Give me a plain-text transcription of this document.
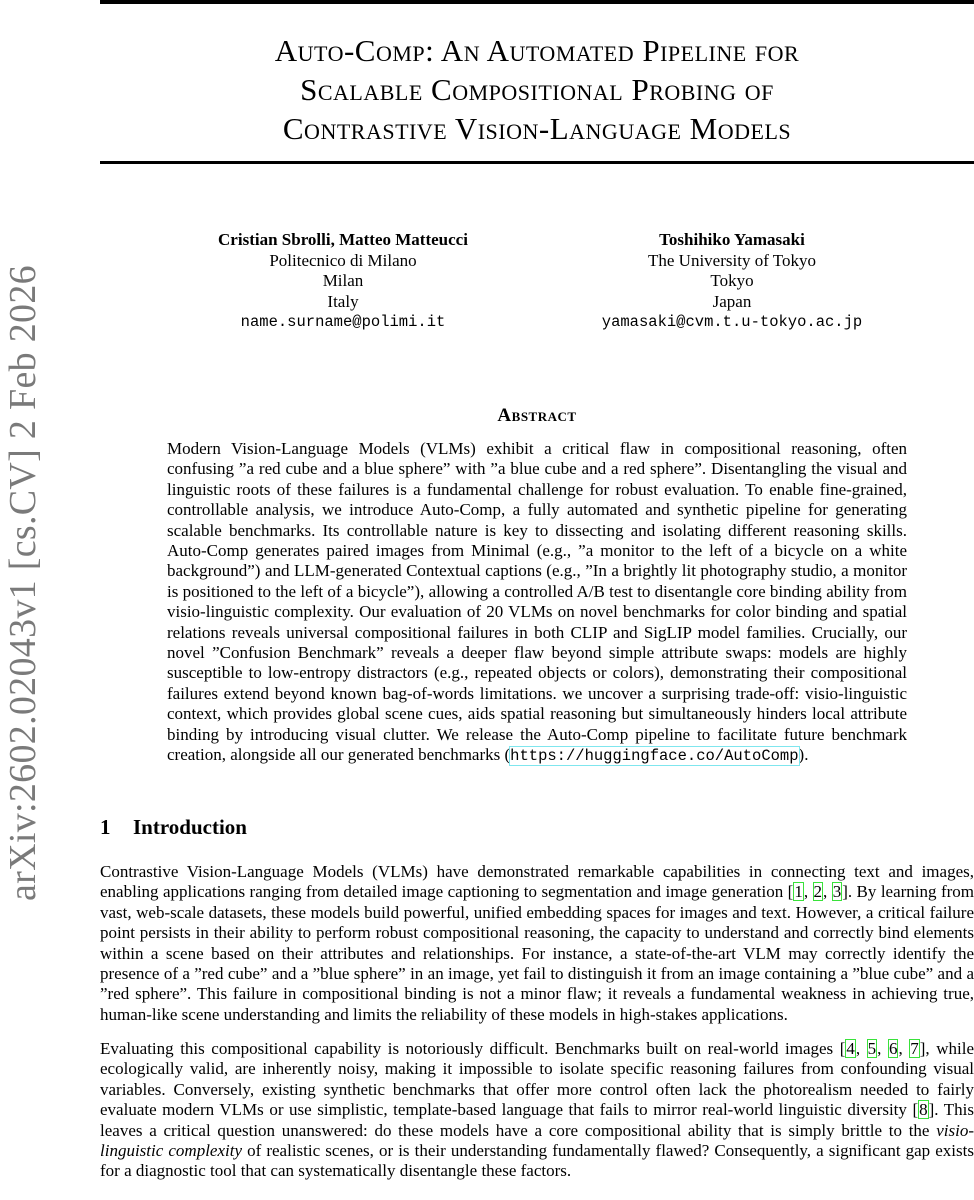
Auto-Comp: An Automated Pipeline for
Scalable Compositional Probing of
Contrastive Vision-Language Models
arXiv:2602.02043v1 [cs.CV] 2 Feb 2026
Cristian Sbrolli, Matteo Matteucci
Politecnico di Milano
Milan
Italy
name.surname@polimi.it
Toshihiko Yamasaki
The University of Tokyo
Tokyo
Japan
yamasaki@cvm.t.u-tokyo.ac.jp
Abstract
Modern Vision-Language Models (VLMs) exhibit a critical flaw in compositional reasoning, often confusing ”a red cube and a blue sphere” with ”a blue cube and a red sphere”. Disentangling the visual and linguistic roots of these failures is a fundamental challenge for robust evaluation. To enable fine-grained, controllable analysis, we introduce Auto-Comp, a fully automated and synthetic pipeline for generating scalable benchmarks. Its controllable nature is key to dissecting and isolating different reasoning skills. Auto-Comp generates paired images from Minimal (e.g., ”a monitor to the left of a bicycle on a white background”) and LLM-generated Contextual captions (e.g., ”In a brightly lit photography studio, a monitor is positioned to the left of a bicycle”), allowing a controlled A/B test to disentangle core binding ability from visio-linguistic complexity. Our evaluation of 20 VLMs on novel benchmarks for color binding and spatial relations reveals universal compositional failures in both CLIP and SigLIP model families. Crucially, our novel ”Confusion Benchmark” reveals a deeper flaw beyond simple attribute swaps: models are highly susceptible to low-entropy distractors (e.g., repeated objects or colors), demonstrating their compositional failures extend beyond known bag-of-words limitations. we uncover a surprising trade-off: visio-linguistic context, which provides global scene cues, aids spatial reasoning but simultaneously hinders local attribute binding by introducing visual clutter. We release the Auto-Comp pipeline to facilitate future benchmark creation, alongside all our generated benchmarks (https://huggingface.co/AutoComp).
1 Introduction
Contrastive Vision-Language Models (VLMs) have demonstrated remarkable capabilities in connecting text and images, enabling applications ranging from detailed image captioning to segmentation and image generation [1, 2, 3]. By learning from vast, web-scale datasets, these models build powerful, unified embedding spaces for images and text. However, a critical failure point persists in their ability to perform robust compositional reasoning, the capacity to understand and correctly bind elements within a scene based on their attributes and relationships. For instance, a state-of-the-art VLM may correctly identify the presence of a ”red cube” and a ”blue sphere” in an image, yet fail to distinguish it from an image containing a ”blue cube” and a ”red sphere”. This failure in compositional binding is not a minor flaw; it reveals a fundamental weakness in achieving true, human-like scene understanding and limits the reliability of these models in high-stakes applications.
Evaluating this compositional capability is notoriously difficult. Benchmarks built on real-world images [4, 5, 6, 7], while ecologically valid, are inherently noisy, making it impossible to isolate specific reasoning failures from confounding visual variables. Conversely, existing synthetic benchmarks that offer more control often lack the photorealism needed to fairly evaluate modern VLMs or use simplistic, template-based language that fails to mirror real-world linguistic diversity [8]. This leaves a critical question unanswered: do these models have a core compositional ability that is simply brittle to the visio-linguistic complexity of realistic scenes, or is their understanding fundamentally flawed? Consequently, a significant gap exists for a diagnostic tool that can systematically disentangle these factors.
